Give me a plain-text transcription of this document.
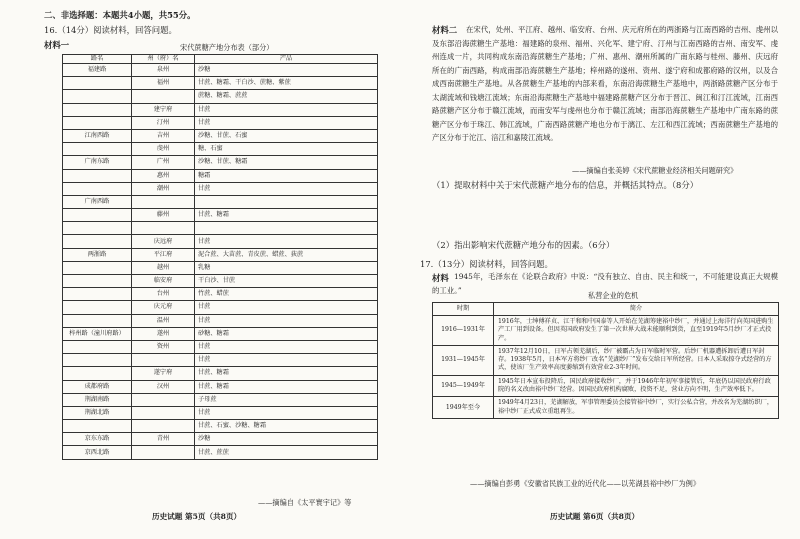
二、非选择题：本题共4小题，共55分。
16.（14分）阅读材料，回答问题。
材料一	宋代蔗糖产地分布表（部分）
路名	州（府）名	产品
福建路	泉州	沙糖
	福州	甘蔗、糖霜、干白沙、蔗糖、紫蔗
		蔗糖、糖霜、蔗蔗
	建宁府	甘蔗
	汀州	甘蔗
江南西路	吉州	沙糖、甘蔗、石蜜
	虔州	糖、石蜜
广南东路	广州	沙糖、甘蔗、糖霜
	惠州	糖霜
	潮州	甘蔗
广南西路		
	藤州	甘蔗、糖霜

	庆远府	甘蔗
两浙路	平江府	泥合蔗、大苗蔗、青皮蔗、蜡蔗、荻蔗
	越州	乳糖
	临安府	干白沙、甘蔗
	台州	竹蔗、蜡蔗
	庆元府	甘蔗
	温州	甘蔗
梓州路（潼川府路）	遂州	砂糖、糖霜
	资州	甘蔗
		甘蔗
	遂宁府	甘蔗、糖霜
成都府路	汉州	甘蔗、糖霜
荆湖南路		子母蔗
荆湖北路		甘蔗
		甘蔗、石蜜、沙糖、糖霜
京东东路	青州	沙糖
京西北路		甘蔗、蔗蔗
——摘编自《太平寰宇记》等
历史试题 第5页（共8页）
材料二	在宋代，处州、平江府、越州、临安府、台州、庆元府所在的两浙路与江南西路的吉州、虔州以及东部沿海蔗糖生产基地：福建路的泉州、福州、兴化军、建宁府、汀州与江南西路的吉州、南安军、虔州连成一片，共同构成东南沿海蔗糖生产基地；广州、惠州、潮州所属的广南东路与桂州、藤州、庆远府所在的广南西路，构成南部沿海蔗糖生产基地；梓州路的遂州、资州、遂宁府和成都府路的汉州，以及合成西南蔗糖生产基地。从各蔗糖生产基地的内部来看，东南沿海蔗糖生产基地中，两浙路蔗糖产区分布于太湖流域和钱塘江流域；东南沿海蔗糖生产基地中福建路蔗糖产区分布于晋江、闽江和汀江流域，江南西路蔗糖产区分布于赣江流域，而南安军与虔州也分布于赣江流域；南部沿海蔗糖生产基地中广南东路的蔗糖产区分布于珠江、韩江流域，广南西路蔗糖产地也分布于漓江、左江和西江流域；西南蔗糖生产基地的产区分布于沱江、涪江和嘉陵江流域。
——摘编自张美婷《宋代蔗糖业经济相关问题研究》
（1）提取材料中关于宋代蔗糖产地分布的信息，并概括其特点。（8分）
（2）指出影响宋代蔗糖产地分布的因素。（6分）
17.（13分）阅读材料，回答问题。
材料 1945年，毛泽东在《论联合政府》中说：“没有独立、自由、民主和统一，不可能建设真正大规模的工业。”
私营企业的危机
时期	简介
1916—1931年	1916年，士绅傅祥贞、江干和和中国泰等人开始在芜湖筹建裕中纱厂，并通过上海洋行向英国进购生产工厂用到设备。但因英国政府发生了第一次世界大战未能顺利到货，直至1919年5月纱厂才正式投产。
1931—1945年	1937年12月10日，日军占领芜湖后，纱厂被霸占为日军临时军营。后纱厂机器遭拆卸后遭日军封存。1938年5月，日本军方将纱厂改名“芜湖纱厂”发布交给日军所经营。日本人采取掠夺式经营的方式，使该厂生产效率高度萎缩到有效营业2-3年时间。
1945—1949年	1945年日本宣布投降后，国民政府接收纱厂，并于1946年年初军事接管后，年底仍以国民政府行政院的名义改由裕中纱厂经营。因国民政府机构腐败，投资不足，营业方向不明，生产效率低下。
1949年至今	1949年4月23日，芜湖解放，军事管理委员会接管裕中纱厂，实行公私合营，并改名为芜湖纺织厂，裕中纱厂正式成立重组再生。
——摘编自彭勇《安徽省民族工业的近代化——以芜湖县裕中纱厂为例》
历史试题 第6页（共8页）
